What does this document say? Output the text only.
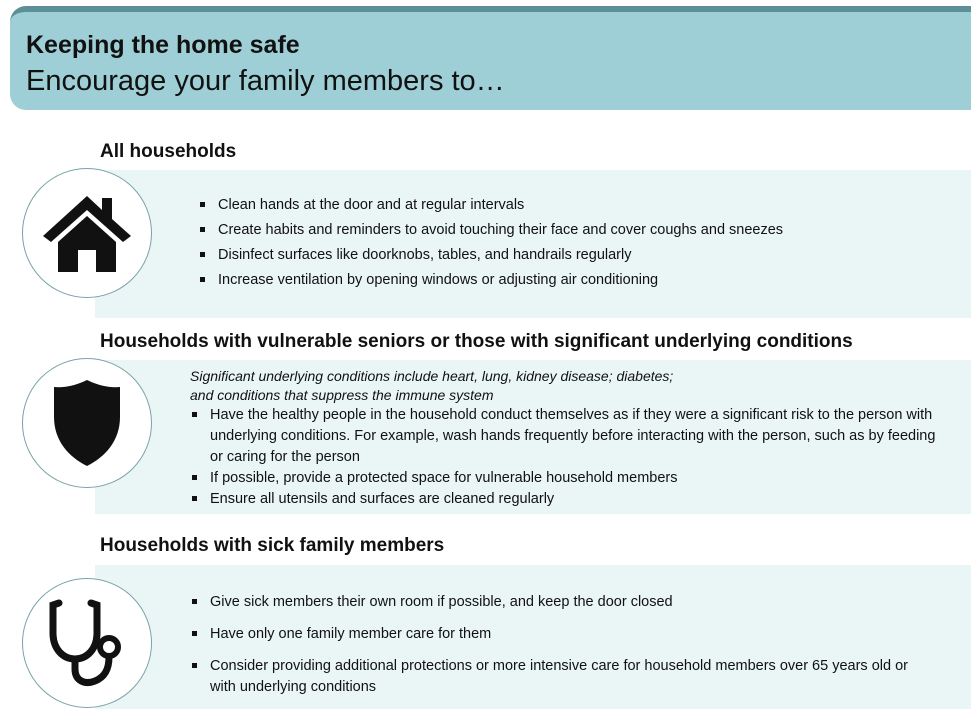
Keeping the home safe
Encourage your family members to…
All households
Clean hands at the door and at regular intervals
Create habits and reminders to avoid touching their face and cover coughs and sneezes
Disinfect surfaces like doorknobs, tables, and handrails regularly
Increase ventilation by opening windows or adjusting air conditioning
Households with vulnerable seniors or those with significant underlying conditions
Significant underlying conditions include heart, lung, kidney disease; diabetes;
and conditions that suppress the immune system
Have the healthy people in the household conduct themselves as if they were a significant risk to the person with underlying conditions. For example, wash hands frequently before interacting with the person, such as by feeding or caring for the person
If possible, provide a protected space for vulnerable household members
Ensure all utensils and surfaces are cleaned regularly
Households with sick family members
Give sick members their own room if possible, and keep the door closed
Have only one family member care for them
Consider providing additional protections or more intensive care for household members over 65 years old or with underlying conditions
